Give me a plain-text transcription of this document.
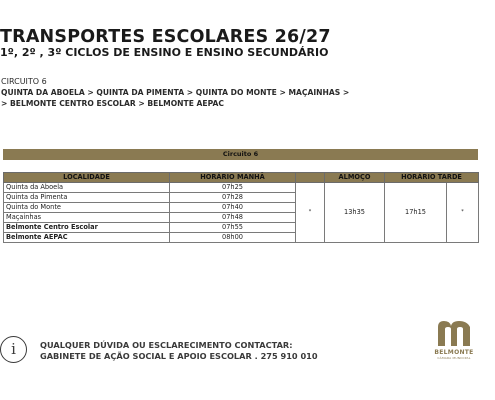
TRANSPORTES ESCOLARES 26/27
1º, 2º , 3º CICLOS DE ENSINO E ENSINO SECUNDÁRIO
CIRCUITO 6
QUINTA DA ABOELA > QUINTA DA PIMENTA > QUINTA DO MONTE > MAÇAINHAS >
> BELMONTE CENTRO ESCOLAR > BELMONTE AEPAC
Circuito 6
LOCALIDADE	HORÁRIO MANHÃ		ALMOÇO	HORÁRIO TARDE	
Quinta da Aboela	07h25	*	13h35	17h15	*
Quinta da Pimenta	07h28				
Quinta do Monte	07h40				
Maçainhas	07h48				
Belmonte Centro Escolar	07h55				
Belmonte AEPAC	08h00				
i	QUALQUER DÚVIDA OU ESCLARECIMENTO CONTACTAR:
GABINETE DE AÇÃO SOCIAL E APOIO ESCOLAR . 275 910 010	BELMONTE
CÂMARA MUNICIPAL
